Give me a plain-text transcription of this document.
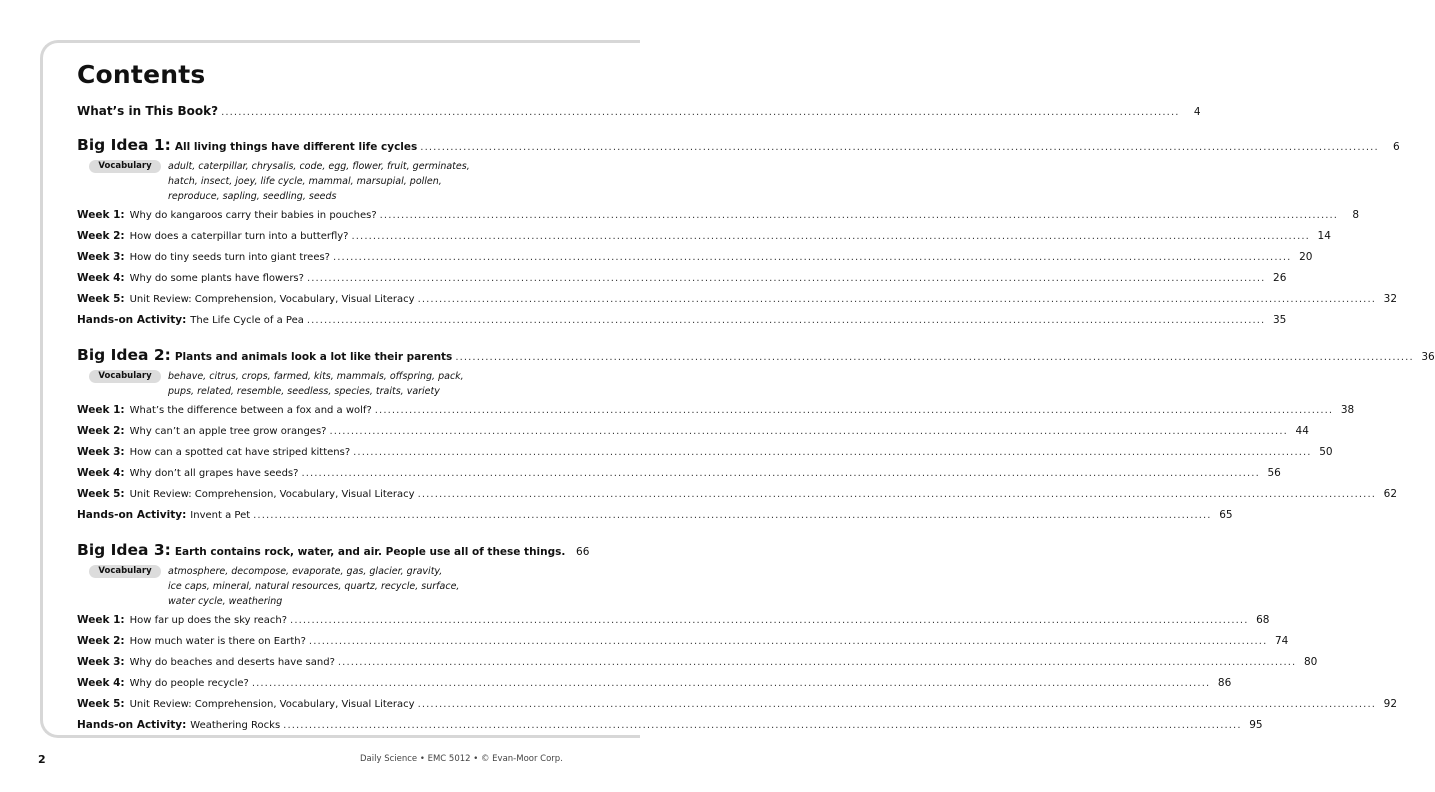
Contents
What’s in This Book? .....	4
Big Idea 1: All living things have different life cycles .....	6
Vocabulary	adult, caterpillar, chrysalis, code, egg, flower, fruit, germinates,
hatch, insect, joey, life cycle, mammal, marsupial, pollen,
reproduce, sapling, seedling, seeds
Week 1: Why do kangaroos carry their babies in pouches? .....	8
Week 2: How does a caterpillar turn into a butterfly? .....	14
Week 3: How do tiny seeds turn into giant trees? .....	20
Week 4: Why do some plants have flowers? .....	26
Week 5: Unit Review: Comprehension, Vocabulary, Visual Literacy .....	32
Hands-on Activity: The Life Cycle of a Pea .....	35
Big Idea 2: Plants and animals look a lot like their parents .....	36
Vocabulary	behave, citrus, crops, farmed, kits, mammals, offspring, pack,
pups, related, resemble, seedless, species, traits, variety
Week 1: What’s the difference between a fox and a wolf? .....	38
Week 2: Why can’t an apple tree grow oranges? .....	44
Week 3: How can a spotted cat have striped kittens? .....	50
Week 4: Why don’t all grapes have seeds? .....	56
Week 5: Unit Review: Comprehension, Vocabulary, Visual Literacy .....	62
Hands-on Activity: Invent a Pet .....	65
Big Idea 3: Earth contains rock, water, and air. People use all of these things.	66
Vocabulary	atmosphere, decompose, evaporate, gas, glacier, gravity,
ice caps, mineral, natural resources, quartz, recycle, surface,
water cycle, weathering
Week 1: How far up does the sky reach? .....	68
Week 2: How much water is there on Earth? .....	74
Week 3: Why do beaches and deserts have sand? .....	80
Week 4: Why do people recycle? .....	86
Week 5: Unit Review: Comprehension, Vocabulary, Visual Literacy .....	92
Hands-on Activity: Weathering Rocks .....	95
2	Daily Science • EMC 5012 • © Evan-Moor Corp.
